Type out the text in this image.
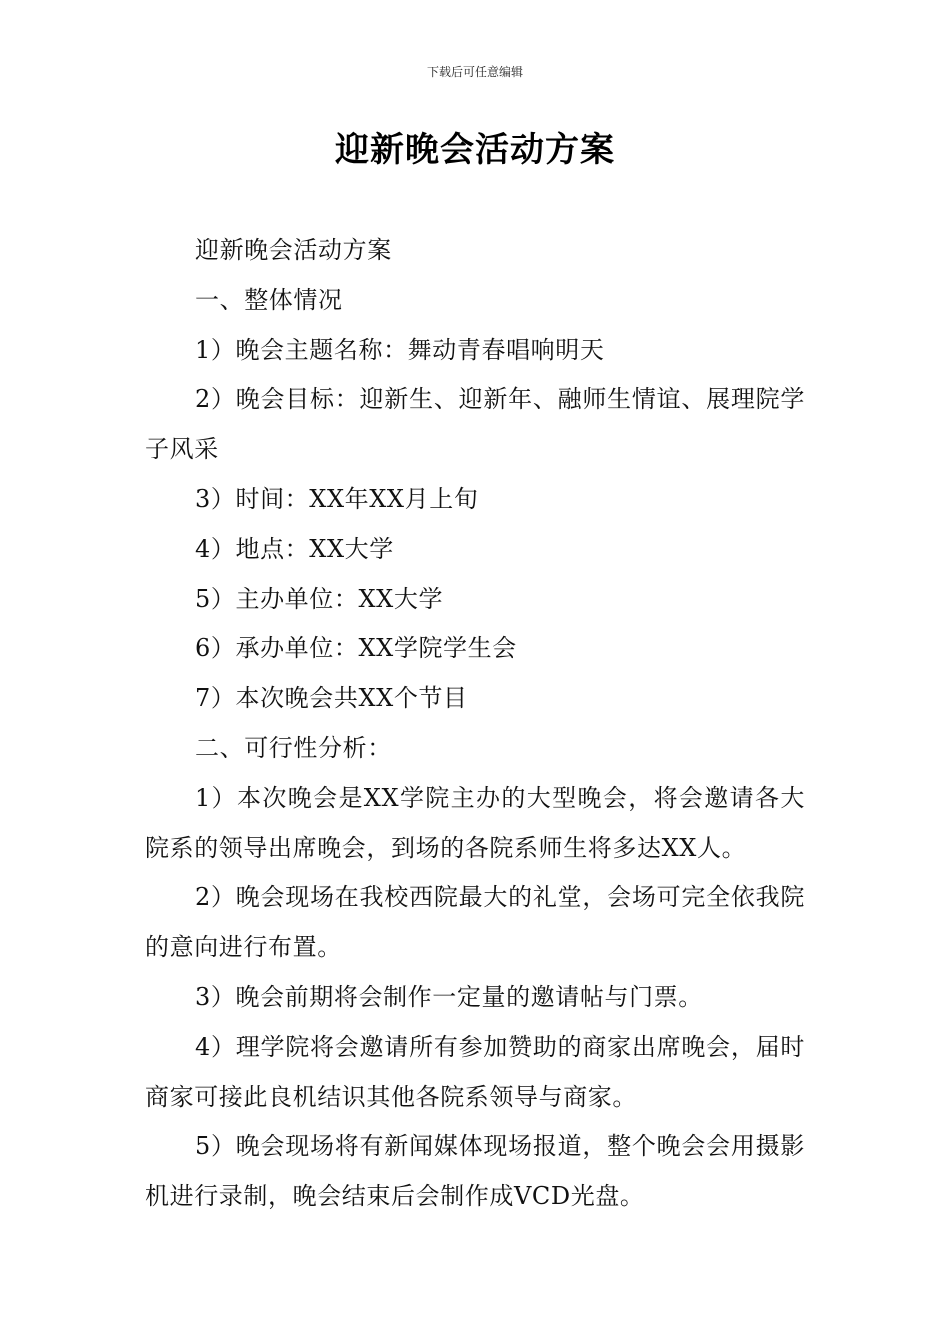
下载后可任意编辑
迎新晚会活动方案

迎新晚会活动方案

一、整体情况

1）晚会主题名称：舞动青春唱响明天

2）晚会目标：迎新生、迎新年、融师生情谊、展理院学子风采

3）时间：XX年XX月上旬

4）地点：XX大学

5）主办单位：XX大学

6）承办单位：XX学院学生会

7）本次晚会共XX个节目

二、可行性分析：

1）本次晚会是XX学院主办的大型晚会，将会邀请各大院系的领导出席晚会，到场的各院系师生将多达XX人。

2）晚会现场在我校西院最大的礼堂，会场可完全依我院的意向进行布置。

3）晚会前期将会制作一定量的邀请帖与门票。

4）理学院将会邀请所有参加赞助的商家出席晚会，届时商家可接此良机结识其他各院系领导与商家。

5）晚会现场将有新闻媒体现场报道，整个晚会会用摄影机进行录制，晚会结束后会制作成VCD光盘。
